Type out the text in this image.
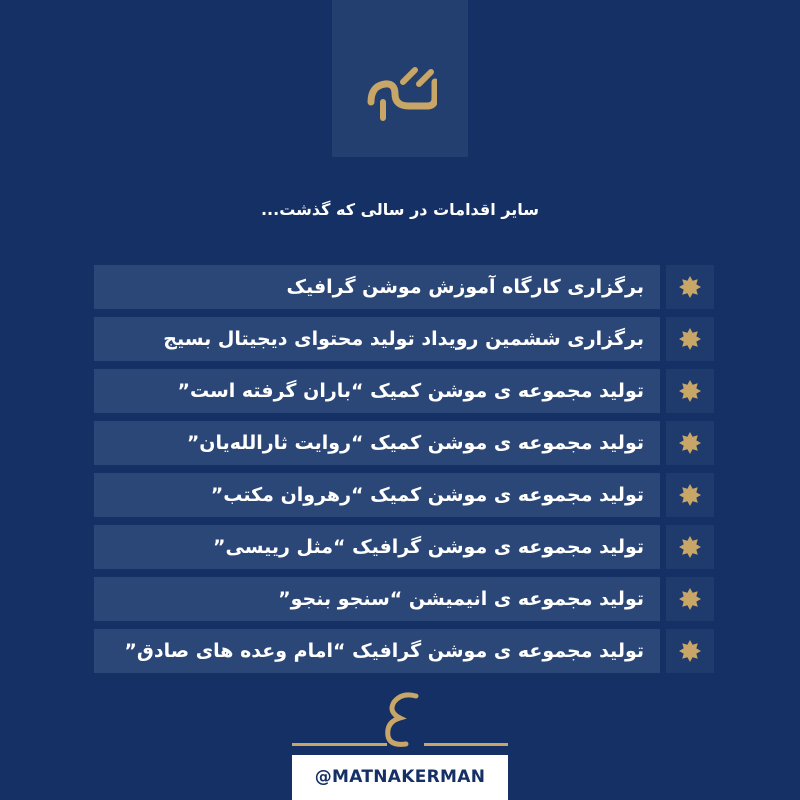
سایر اقدامات در سالی که گذشت...
برگزاری کارگاه آموزش موشن گرافیک
برگزاری ششمین رویداد تولید محتوای دیجیتال بسیج
تولید مجموعه ی موشن کمیک “باران گرفته است”
تولید مجموعه ی موشن کمیک “روایت ثارالله‌یان”
تولید مجموعه ی موشن کمیک “رهروان مکتب”
تولید مجموعه ی موشن گرافیک “مثل رییسی”
تولید مجموعه ی انیمیشن “سنجو بنجو”
تولید مجموعه ی موشن گرافیک “امام وعده های صادق”
@MATNAKERMAN
